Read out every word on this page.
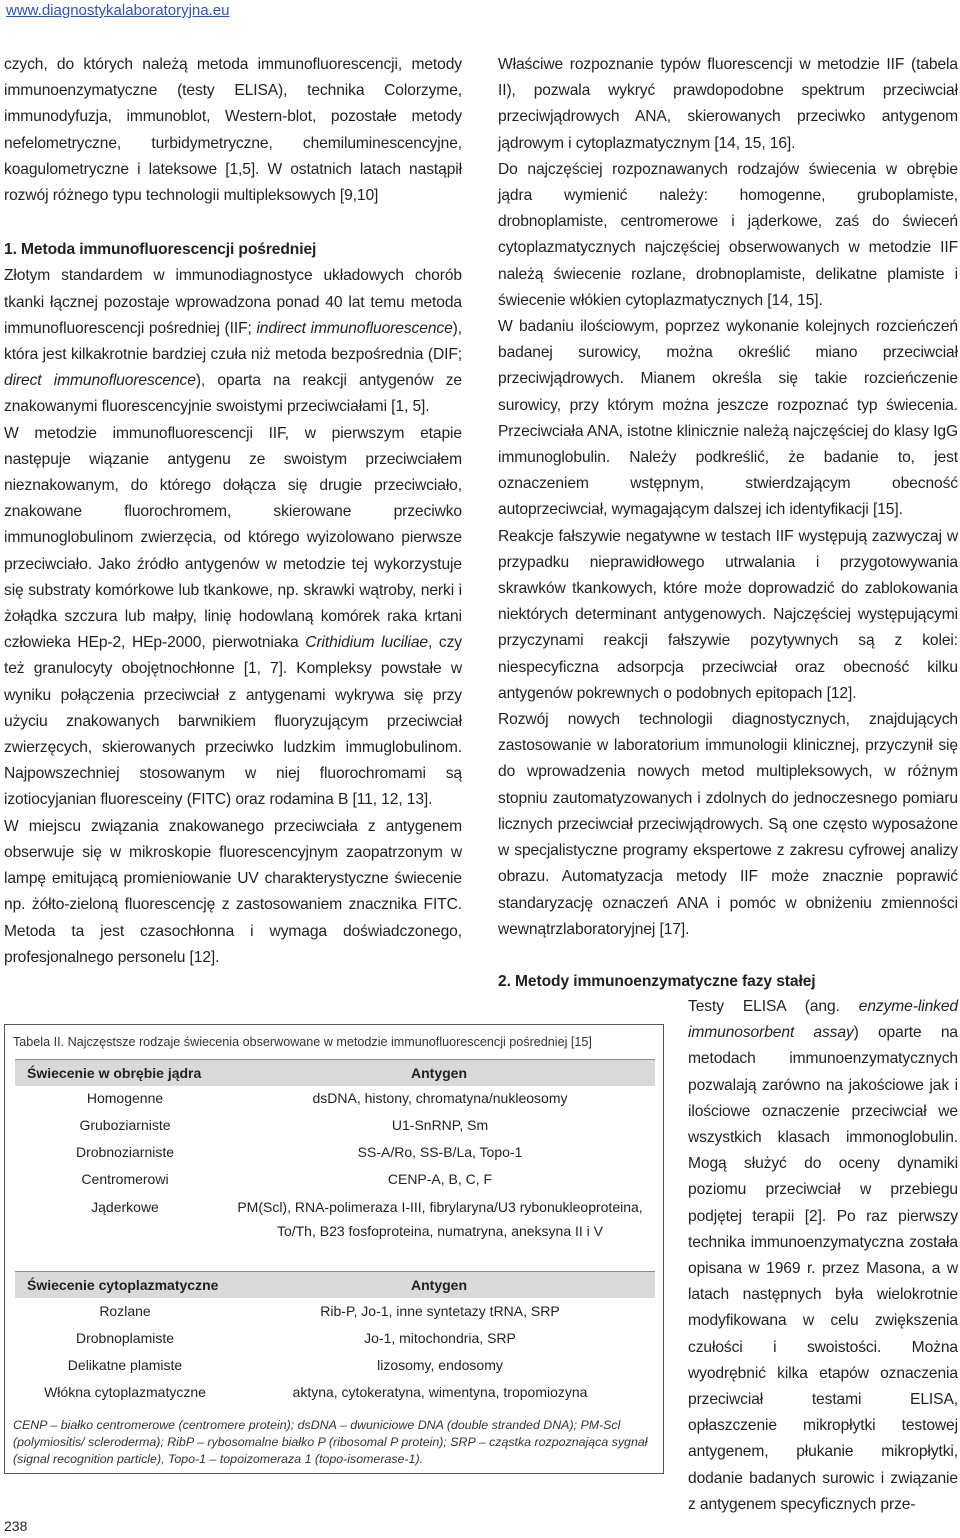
www.diagnostykalaboratoryjna.eu

czych, do których należą metoda immunofluorescencji, metody immunoenzymatyczne (testy ELISA), technika Colorzyme, immunodyfuzja, immunoblot, Western-blot, pozostałe metody nefelometryczne, turbidymetryczne, chemiluminescencyjne, koagulometryczne i lateksowe [1,5]. W ostatnich latach nastąpił rozwój różnego typu technologii multipleksowych [9,10]

1. Metoda immunofluorescencji pośredniej

Złotym standardem w immunodiagnostyce układowych chorób tkanki łącznej pozostaje wprowadzona ponad 40 lat temu metoda immunofluorescencji pośredniej (IIF; indirect immunofluorescence), która jest kilkakrotnie bardziej czuła niż metoda bezpośrednia (DIF; direct immunofluorescence), oparta na reakcji antygenów ze znakowanymi fluorescencyjnie swoistymi przeciwciałami [1, 5].

W metodzie immunofluorescencji IIF, w pierwszym etapie następuje wiązanie antygenu ze swoistym przeciwciałem nieznakowanym, do którego dołącza się drugie przeciwciało, znakowane fluorochromem, skierowane przeciwko immunoglobulinom zwierzęcia, od którego wyizolowano pierwsze przeciwciało. Jako źródło antygenów w metodzie tej wykorzystuje się substraty komórkowe lub tkankowe, np. skrawki wątroby, nerki i żołądka szczura lub małpy, linię hodowlaną komórek raka krtani człowieka HEp-2, HEp-2000, pierwotniaka Crithidium luciliae, czy też granulocyty obojętnochłonne [1, 7]. Kompleksy powstałe w wyniku połączenia przeciwciał z antygenami wykrywa się przy użyciu znakowanych barwnikiem fluoryzującym przeciwciał zwierzęcych, skierowanych przeciwko ludzkim immuglobulinom. Najpowszechniej stosowanym w niej fluorochromami są izotiocyjanian fluoresceiny (FITC) oraz rodamina B [11, 12, 13].

W miejscu związania znakowanego przeciwciała z antygenem obserwuje się w mikroskopie fluorescencyjnym zaopatrzonym w lampę emitującą promieniowanie UV charakterystyczne świecenie np. żółto-zieloną fluorescencję z zastosowaniem znacznika FITC. Metoda ta jest czasochłonna i wymaga doświadczonego, profesjonalnego personelu [12].

Właściwe rozpoznanie typów fluorescencji w metodzie IIF (tabela II), pozwala wykryć prawdopodobne spektrum przeciwciał przeciwjądrowych ANA, skierowanych przeciwko antygenom jądrowym i cytoplazmatycznym [14, 15, 16].

Do najczęściej rozpoznawanych rodzajów świecenia w obrębie jądra wymienić należy: homogenne, gruboplamiste, drobnoplamiste, centromerowe i jąderkowe, zaś do świeceń cytoplazmatycznych najczęściej obserwowanych w metodzie IIF należą świecenie rozlane, drobnoplamiste, delikatne plamiste i świecenie włókien cytoplazmatycznych [14, 15].

W badaniu ilościowym, poprzez wykonanie kolejnych rozcieńczeń badanej surowicy, można określić miano przeciwciał przeciwjądrowych. Mianem określa się takie rozcieńczenie surowicy, przy którym można jeszcze rozpoznać typ świecenia. Przeciwciała ANA, istotne klinicznie należą najczęściej do klasy IgG immunoglobulin. Należy podkreślić, że badanie to, jest oznaczeniem wstępnym, stwierdzającym obecność autoprzeciwciał, wymagającym dalszej ich identyfikacji [15].

Reakcje fałszywie negatywne w testach IIF występują zazwyczaj w przypadku nieprawidłowego utrwalania i przygotowywania skrawków tkankowych, które może doprowadzić do zablokowania niektórych determinant antygenowych. Najczęściej występującymi przyczynami reakcji fałszywie pozytywnych są z kolei: niespecyficzna adsorpcja przeciwciał oraz obecność kilku antygenów pokrewnych o podobnych epitopach [12].

Rozwój nowych technologii diagnostycznych, znajdujących zastosowanie w laboratorium immunologii klinicznej, przyczynił się do wprowadzenia nowych metod multipleksowych, w różnym stopniu zautomatyzowanych i zdolnych do jednoczesnego pomiaru licznych przeciwciał przeciwjądrowych. Są one często wyposażone w specjalistyczne programy ekspertowe z zakresu cyfrowej analizy obrazu. Automatyzacja metody IIF może znacznie poprawić standaryzację oznaczeń ANA i pomóc w obniżeniu zmienności wewnątrzlaboratoryjnej [17].

2. Metody immunoenzymatyczne fazy stałej

Testy ELISA (ang. enzyme-linked immunosorbent assay) oparte na metodach immunoenzymatycznych pozwalają zarówno na jakościowe jak i ilościowe oznaczenie przeciwciał we wszystkich klasach immonoglobulin. Mogą służyć do oceny dynamiki poziomu przeciwciał w przebiegu podjętej terapii [2]. Po raz pierwszy technika immunoenzymatyczna została opisana w 1969 r. przez Masona, a w latach następnych była wielokrotnie modyfikowana w celu zwiększenia czułości i swoistości. Można wyodrębnić kilka etapów oznaczenia przeciwciał testami ELISA, opłaszczenie mikropłytki testowej antygenem, płukanie mikropłytki, dodanie badanych surowic i związanie z antygenem specyficznych prze-
Tabela II. Najczęstsze rodzaje świecenia obserwowane w metodzie immunofluorescencji pośredniej [15]
Świecenie w obrębie jądra	Antygen
Homogenne	dsDNA, histony, chromatyna/nukleosomy
Gruboziarniste	U1-SnRNP, Sm
Drobnoziarniste	SS-A/Ro, SS-B/La, Topo-1
Centromerowi	CENP-A, B, C, F
Jąderkowe	PM(Scl), RNA-polimeraza I-III, fibrylaryna/U3 rybonukleoproteina,
To/Th, B23 fosfoproteina, numatryna, aneksyna II i V
Świecenie cytoplazmatyczne	Antygen
Rozlane	Rib-P, Jo-1, inne syntetazy tRNA, SRP
Drobnoplamiste	Jo-1, mitochondria, SRP
Delikatne plamiste	lizosomy, endosomy
Włókna cytoplazmatyczne	aktyna, cytokeratyna, wimentyna, tropomiozyna
CENP – białko centromerowe (centromere protein); dsDNA – dwuniciowe DNA (double stranded DNA); PM-Scl (polymiositis/ scleroderma); RibP – rybosomalne białko P (ribosomal P protein); SRP – cząstka rozpoznająca sygnał (signal recognition particle), Topo-1 – topoizomeraza 1 (topo-isomerase-1).
238
